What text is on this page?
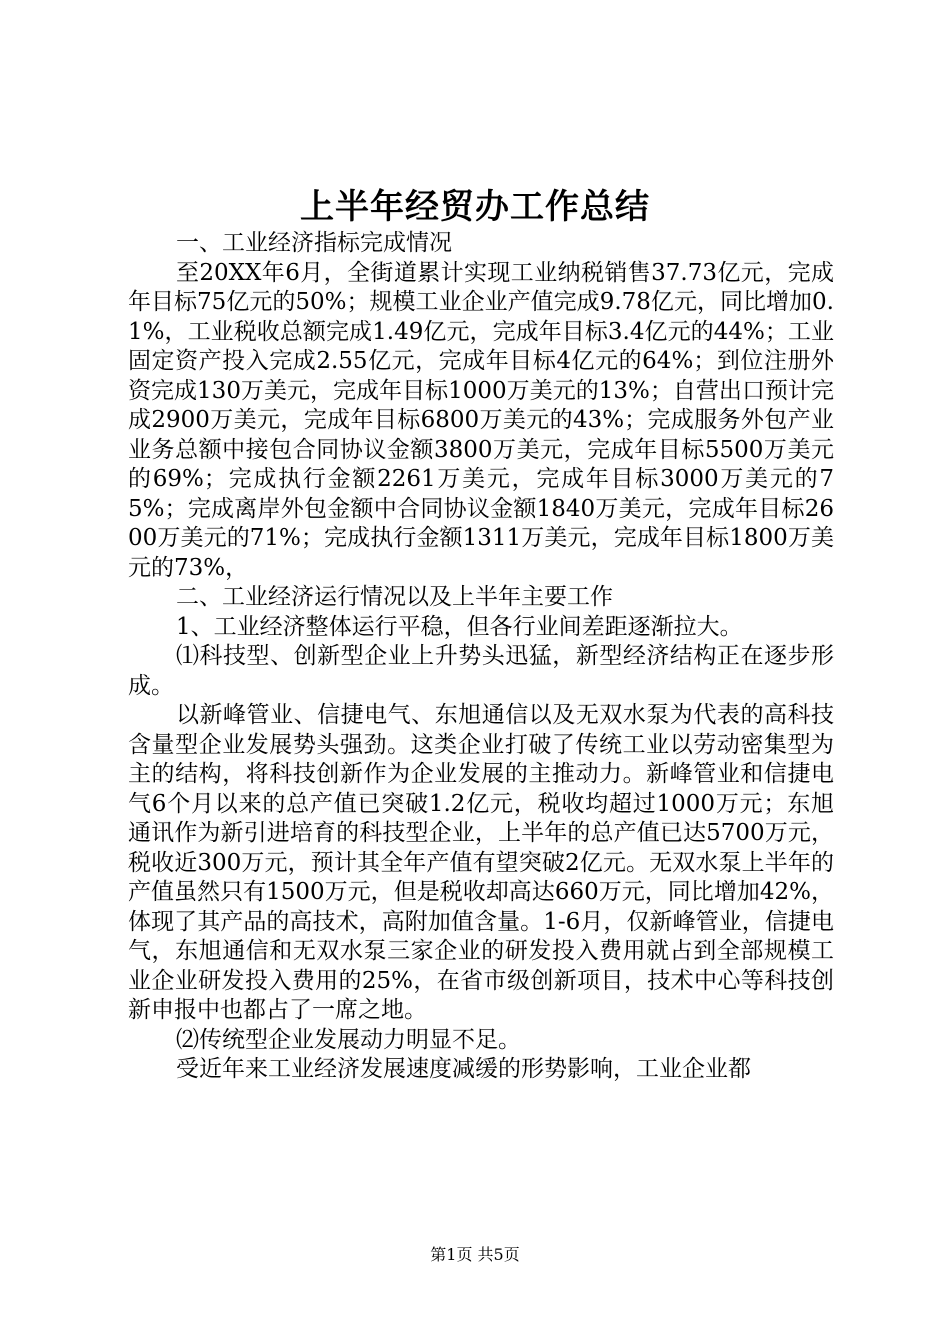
上半年经贸办工作总结

一、工业经济指标完成情况

至20XX年6月，全街道累计实现工业纳税销售37.73亿元，完成年目标75亿元的50%；规模工业企业产值完成9.78亿元，同比增加0.1%，工业税收总额完成1.49亿元，完成年目标3.4亿元的44%；工业固定资产投入完成2.55亿元，完成年目标4亿元的64%；到位注册外资完成130万美元，完成年目标1000万美元的13%；自营出口预计完成2900万美元，完成年目标6800万美元的43%；完成服务外包产业业务总额中接包合同协议金额3800万美元，完成年目标5500万美元的69%；完成执行金额2261万美元，完成年目标3000万美元的75%；完成离岸外包金额中合同协议金额1840万美元，完成年目标2600万美元的71%；完成执行金额1311万美元，完成年目标1800万美元的73%，

二、工业经济运行情况以及上半年主要工作

1、工业经济整体运行平稳，但各行业间差距逐渐拉大。

⑴科技型、创新型企业上升势头迅猛，新型经济结构正在逐步形成。

以新峰管业、信捷电气、东旭通信以及无双水泵为代表的高科技含量型企业发展势头强劲。这类企业打破了传统工业以劳动密集型为主的结构，将科技创新作为企业发展的主推动力。新峰管业和信捷电气6个月以来的总产值已突破1.2亿元，税收均超过1000万元；东旭通讯作为新引进培育的科技型企业，上半年的总产值已达5700万元，税收近300万元，预计其全年产值有望突破2亿元。无双水泵上半年的产值虽然只有1500万元，但是税收却高达660万元，同比增加42%，体现了其产品的高技术，高附加值含量。1-6月，仅新峰管业，信捷电气，东旭通信和无双水泵三家企业的研发投入费用就占到全部规模工业企业研发投入费用的25%，在省市级创新项目，技术中心等科技创新申报中也都占了一席之地。

⑵传统型企业发展动力明显不足。

受近年来工业经济发展速度减缓的形势影响，工业企业都

第1页 共5页
